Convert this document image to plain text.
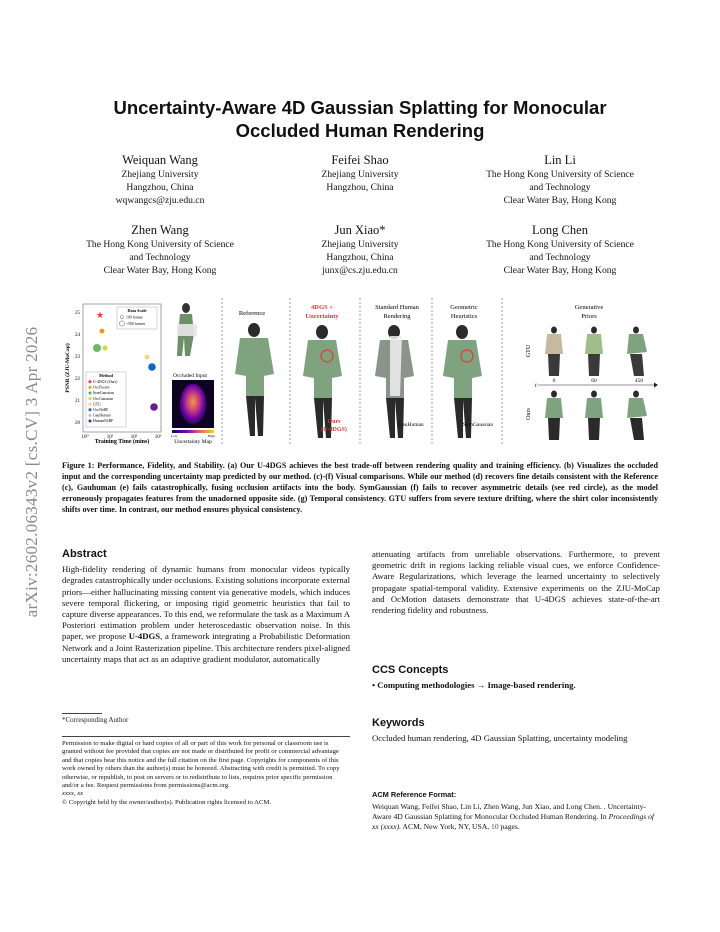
arXiv:2602.06343v2 [cs.CV] 3 Apr 2026
Uncertainty-Aware 4D Gaussian Splatting for Monocular
Occluded Human Rendering
Weiquan Wang
Zhejiang University
Hangzhou, China
wqwangcs@zju.edu.cn
Feifei Shao
Zhejiang University
Hangzhou, China
Lin Li
The Hong Kong University of Science
and Technology
Clear Water Bay, Hong Kong
Zhen Wang
The Hong Kong University of Science
and Technology
Clear Water Bay, Hong Kong
Jun Xiao*
Zhejiang University
Hangzhou, China
junx@cs.zju.edu.cn
Long Chen
The Hong Kong University of Science
and Technology
Clear Water Bay, Hong Kong
PSNR (ZJU-MoCap)
Training Time (mins)
25
24
23
22
21
20
10⁰	10¹	10²	10³
★	Data Scale
100 frames
>500 frames
Method
U-4DGS (Ours)
OccFusion
SymGaussian
OccGaussian
GTU
OccNeRF
GauHuman
HumanNeRF
Occluded Input
Low	High
Uncertainty Map
Reference
4DGS +
Uncertainty
Ours
(U-4DGS)
Standard Human
Rendering
GauHuman
Geometric
Heuristics
SymGaussian
Generative
Priors
GTU
Ours
t
0	60	450
Figure 1: Performance, Fidelity, and Stability. (a) Our U-4DGS achieves the best trade-off between rendering quality and training efficiency. (b) Visualizes the occluded input and the corresponding uncertainty map predicted by our method. (c)-(f) Visual comparisons. While our method (d) recovers fine details consistent with the Reference (c), Gauhuman (e) fails catastrophically, fusing occlusion artifacts into the body. SymGaussian (f) fails to recover asymmetric details (see red circle), as the model erroneously propagates features from the unadorned opposite side. (g) Temporal consistency. GTU suffers from severe texture drifting, where the shirt color inconsistently shifts over time. In contrast, our method ensures physical consistency.
Abstract

High-fidelity rendering of dynamic humans from monocular videos typically degrades catastrophically under occlusions. Existing solutions incorporate external priors—either hallucinating missing content via generative models, which induces severe temporal flickering, or imposing rigid geometric heuristics that fail to capture diverse appearances. To this end, we reformulate the task as a Maximum A Posteriori estimation problem under heteroscedastic observation noise. In this paper, we propose U-4DGS, a framework integrating a Probabilistic Deformation Network and a Joint Rasterization pipeline. This architecture renders pixel-aligned uncertainty maps that act as an adaptive gradient modulator, automatically

attenuating artifacts from unreliable observations. Furthermore, to prevent geometric drift in regions lacking reliable visual cues, we enforce Confidence-Aware Regularizations, which leverage the learned uncertainty to selectively propagate spatial-temporal validity. Extensive experiments on the ZJU-MoCap and OcMotion datasets demonstrate that U-4DGS achieves state-of-the-art rendering fidelity and robustness.

*Corresponding Author
Permission to make digital or hard copies of all or part of this work for personal or classroom use is granted without fee provided that copies are not made or distributed for profit or commercial advantage and that copies bear this notice and the full citation on the first page. Copyrights for components of this work owned by others than the author(s) must be honored. Abstracting with credit is permitted. To copy otherwise, or republish, to post on servers or to redistribute to lists, requires prior specific permission and/or a fee. Request permissions from permissions@acm.org.
xxxx, xx
© Copyright held by the owner/author(s). Publication rights licensed to ACM.
CCS Concepts
• Computing methodologies → Image-based rendering.
Keywords
Occluded human rendering, 4D Gaussian Splatting, uncertainty modeling
ACM Reference Format:
Weiquan Wang, Feifei Shao, Lin Li, Zhen Wang, Jun Xiao, and Long Chen. . Uncertainty-Aware 4D Gaussian Splatting for Monocular Occluded Human Rendering. In Proceedings of xx (xxxx). ACM, New York, NY, USA, 10 pages.
